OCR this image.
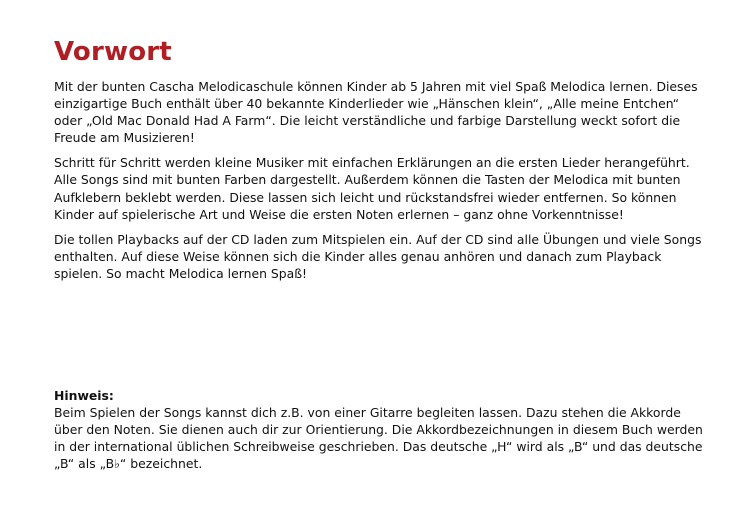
Vorwort

Mit der bunten Cascha Melodicaschule können Kinder ab 5 Jahren mit viel Spaß Melodica lernen. Dieses einzigartige Buch enthält über 40 bekannte Kinderlieder wie „Hänschen klein“, „Alle meine Entchen“ oder „Old Mac Donald Had A Farm“. Die leicht verständliche und farbige Darstellung weckt sofort die Freude am Musizieren!

Schritt für Schritt werden kleine Musiker mit einfachen Erklärungen an die ersten Lieder herangeführt. Alle Songs sind mit bunten Farben dargestellt. Außerdem können die Tasten der Melodica mit bunten Aufklebern beklebt werden. Diese lassen sich leicht und rückstandsfrei wieder entfernen. So können Kinder auf spielerische Art und Weise die ersten Noten erlernen – ganz ohne Vorkenntnisse!

Die tollen Playbacks auf der CD laden zum Mitspielen ein. Auf der CD sind alle Übungen und viele Songs enthalten. Auf diese Weise können sich die Kinder alles genau anhören und danach zum Playback spielen. So macht Melodica lernen Spaß!

Hinweis:
Beim Spielen der Songs kannst dich z.B. von einer Gitarre begleiten lassen. Dazu stehen die Akkorde über den Noten. Sie dienen auch dir zur Orientierung. Die Akkordbezeichnungen in diesem Buch werden in der international üblichen Schreibweise geschrieben. Das deutsche „H“ wird als „B“ und das deutsche „B“ als „B♭“ bezeichnet.
